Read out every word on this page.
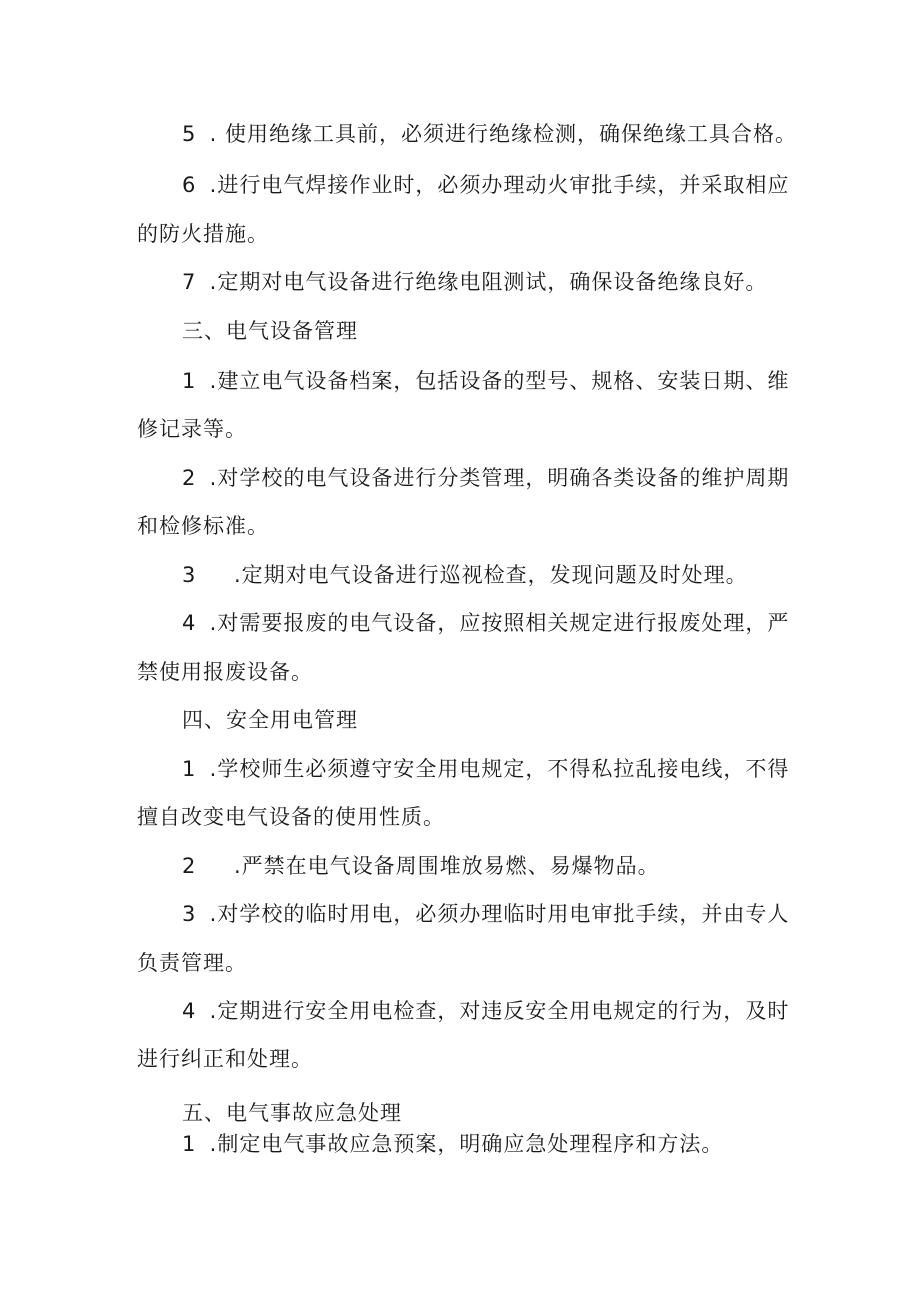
5 . 使用绝缘工具前，必须进行绝缘检测，确保绝缘工具合格。
6 .进行电气焊接作业时，必须办理动火审批手续，并采取相应
的防火措施。
7 .定期对电气设备进行绝缘电阻测试，确保设备绝缘良好。
三、电气设备管理
1 .建立电气设备档案，包括设备的型号、规格、安装日期、维
修记录等。
2 .对学校的电气设备进行分类管理，明确各类设备的维护周期
和检修标准。
3 .定期对电气设备进行巡视检查，发现问题及时处理。
4 .对需要报废的电气设备，应按照相关规定进行报废处理，严
禁使用报废设备。
四、安全用电管理
1 .学校师生必须遵守安全用电规定，不得私拉乱接电线，不得
擅自改变电气设备的使用性质。
2 .严禁在电气设备周围堆放易燃、易爆物品。
3 .对学校的临时用电，必须办理临时用电审批手续，并由专人
负责管理。
4 .定期进行安全用电检查，对违反安全用电规定的行为，及时
进行纠正和处理。
五、电气事故应急处理
1 .制定电气事故应急预案，明确应急处理程序和方法。
